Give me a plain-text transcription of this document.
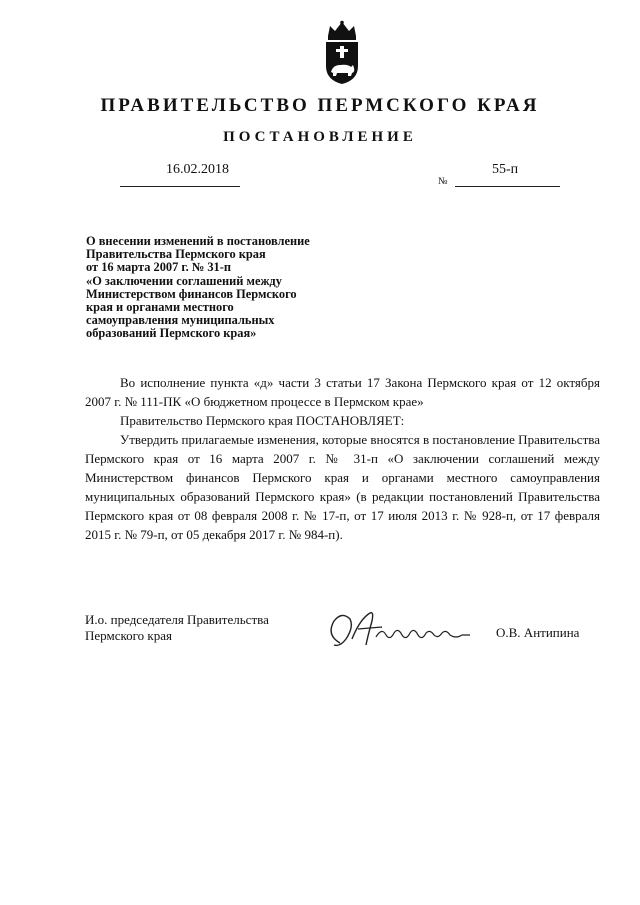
ПРАВИТЕЛЬСТВО ПЕРМСКОГО КРАЯ
ПОСТАНОВЛЕНИЕ
16.02.2018
№
55-п

О внесении изменений в постановление
Правительства Пермского края
от 16 марта 2007 г. № 31-п
«О заключении соглашений между
Министерством финансов Пермского
края и органами местного
самоуправления муниципальных
образований Пермского края»

Во исполнение пункта «д» части 3 статьи 17 Закона Пермского края от 12 октября 2007 г. № 111-ПК «О бюджетном процессе в Пермском крае»

Правительство Пермского края ПОСТАНОВЛЯЕТ:

Утвердить прилагаемые изменения, которые вносятся в постановление Правительства Пермского края от 16 марта 2007 г. № 31-п «О заключении соглашений между Министерством финансов Пермского края и органами местного самоуправления муниципальных образований Пермского края» (в редакции постановлений Правительства Пермского края от 08 февраля 2008 г. № 17-п, от 17 июля 2013 г. № 928-п, от 17 февраля 2015 г. № 79-п, от 05 декабря 2017 г. № 984-п).

И.о. председателя Правительства
Пермского края	О.В. Антипина
